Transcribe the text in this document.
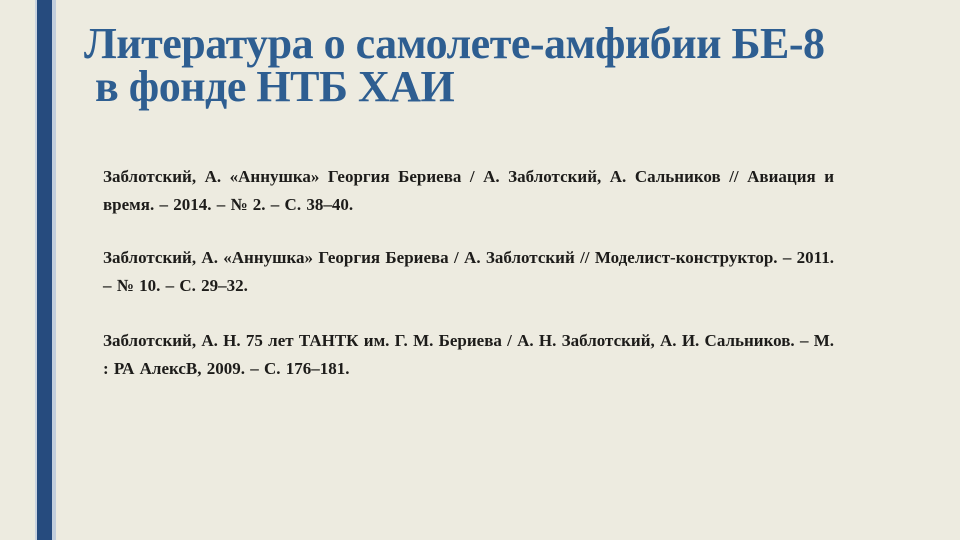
Литература о самолете-амфибии БЕ-8
в фонде НТБ ХАИ

Заблотский, А. «Аннушка» Георгия Бериева / А. Заблотский, А. Сальников // Авиация и время. – 2014. – № 2. – С. 38–40.

Заблотский, А. «Аннушка» Георгия Бериева / А. Заблотский // Моделист-конструктор. – 2011. – № 10. – С. 29–32.

Заблотский, А. Н. 75 лет ТАНТК им. Г. М. Бериева / А. Н. Заблотский, А. И. Сальников. – М. : РА АлексВ, 2009. – С. 176–181.
